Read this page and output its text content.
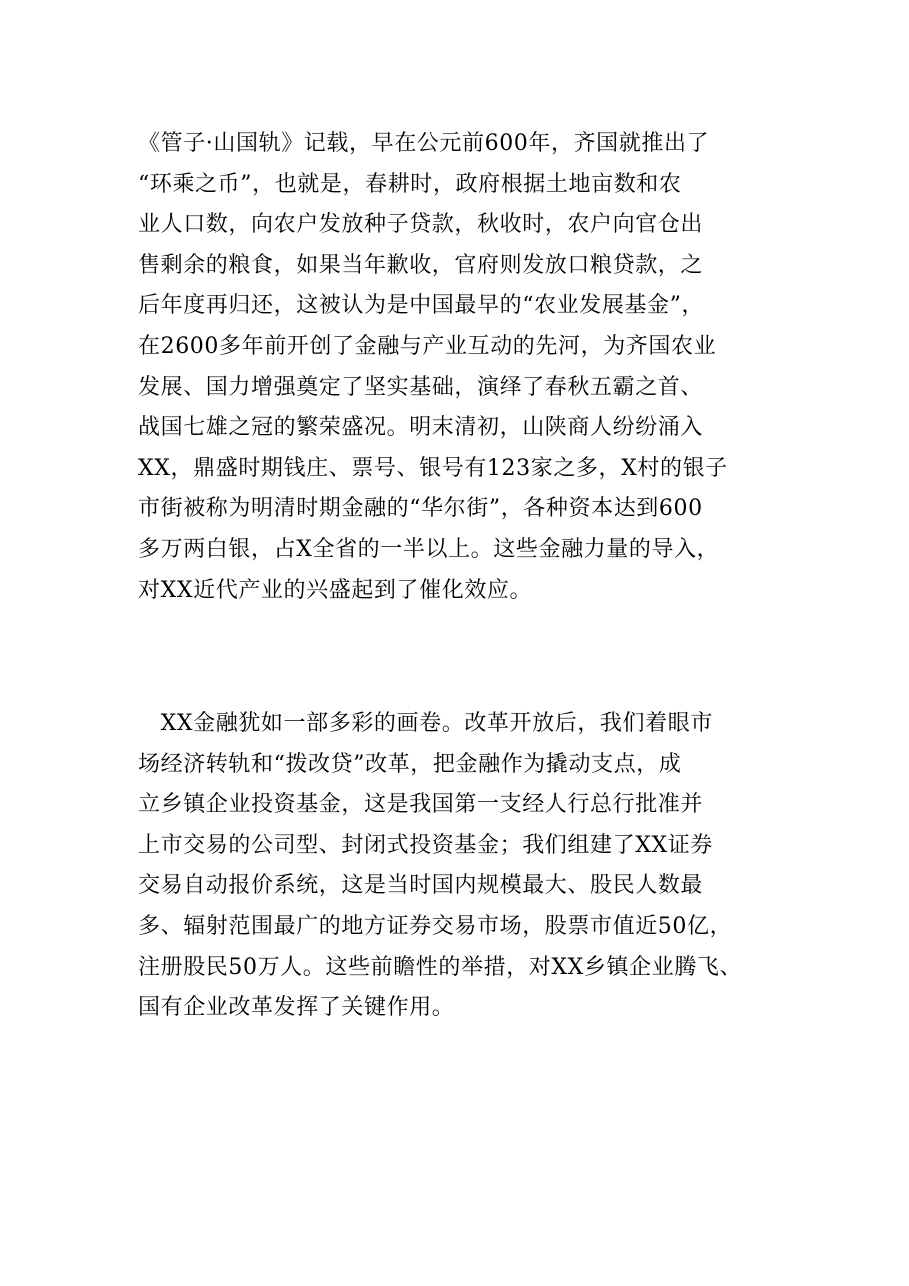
《管子·山国轨》记载，早在公元前600年，齐国就推出了
“环乘之币”，也就是，春耕时，政府根据土地亩数和农
业人口数，向农户发放种子贷款，秋收时，农户向官仓出
售剩余的粮食，如果当年歉收，官府则发放口粮贷款，之
后年度再归还，这被认为是中国最早的“农业发展基金”，
在2600多年前开创了金融与产业互动的先河，为齐国农业
发展、国力增强奠定了坚实基础，演绎了春秋五霸之首、
战国七雄之冠的繁荣盛况。明末清初，山陕商人纷纷涌入
XX，鼎盛时期钱庄、票号、银号有123家之多，X村的银子
市街被称为明清时期金融的“华尔街”，各种资本达到600
多万两白银，占X全省的一半以上。这些金融力量的导入，
对XX近代产业的兴盛起到了催化效应。
　XX金融犹如一部多彩的画卷。改革开放后，我们着眼市
场经济转轨和“拨改贷”改革，把金融作为撬动支点，成
立乡镇企业投资基金，这是我国第一支经人行总行批准并
上市交易的公司型、封闭式投资基金；我们组建了XX证券
交易自动报价系统，这是当时国内规模最大、股民人数最
多、辐射范围最广的地方证券交易市场，股票市值近50亿，
注册股民50万人。这些前瞻性的举措，对XX乡镇企业腾飞、
国有企业改革发挥了关键作用。
